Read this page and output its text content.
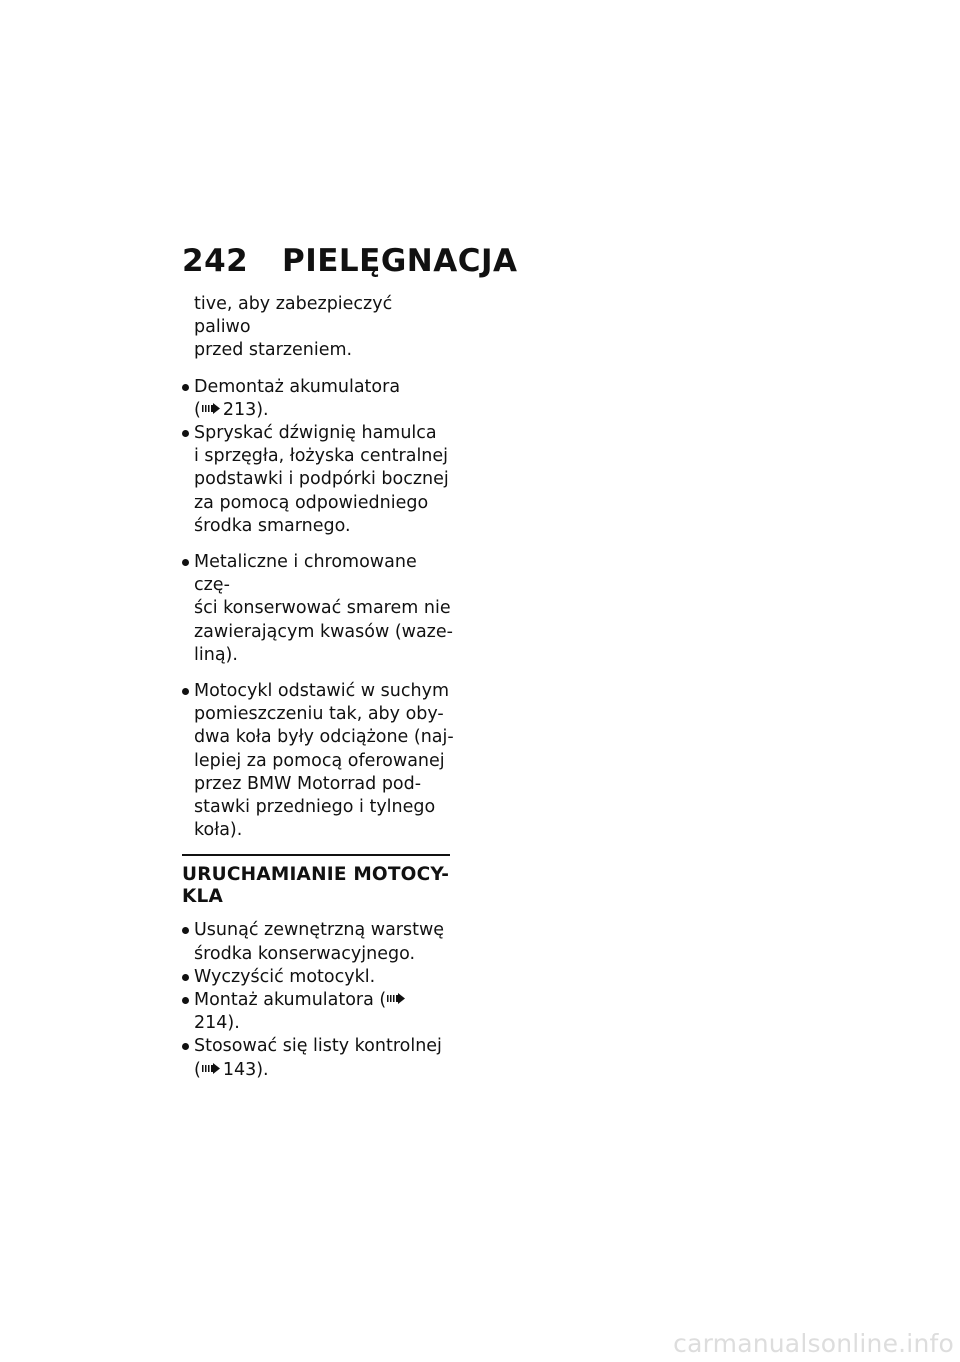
242	PIELĘGNACJA
tive, aby zabezpieczyć paliwo
przed starzeniem.
Demontaż akumulatora
( 213).
Spryskać dźwignię hamulca
i sprzęgła, łożyska centralnej
podstawki i podpórki bocznej
za pomocą odpowiedniego
środka smarnego.
Metaliczne i chromowane czę-
ści konserwować smarem nie
zawierającym kwasów (waze-
liną).
Motocykl odstawić w suchym
pomieszczeniu tak, aby oby-
dwa koła były odciążone (naj-
lepiej za pomocą oferowanej
przez BMW Motorrad pod-
stawki przedniego i tylnego
koła).
URUCHAMIANIE MOTOCY-
KLA
Usunąć zewnętrzną warstwę
środka konserwacyjnego.
Wyczyścić motocykl.
Montaż akumulatora (214).
Stosować się listy kontrolnej
( 143).
carmanualsonline.info
